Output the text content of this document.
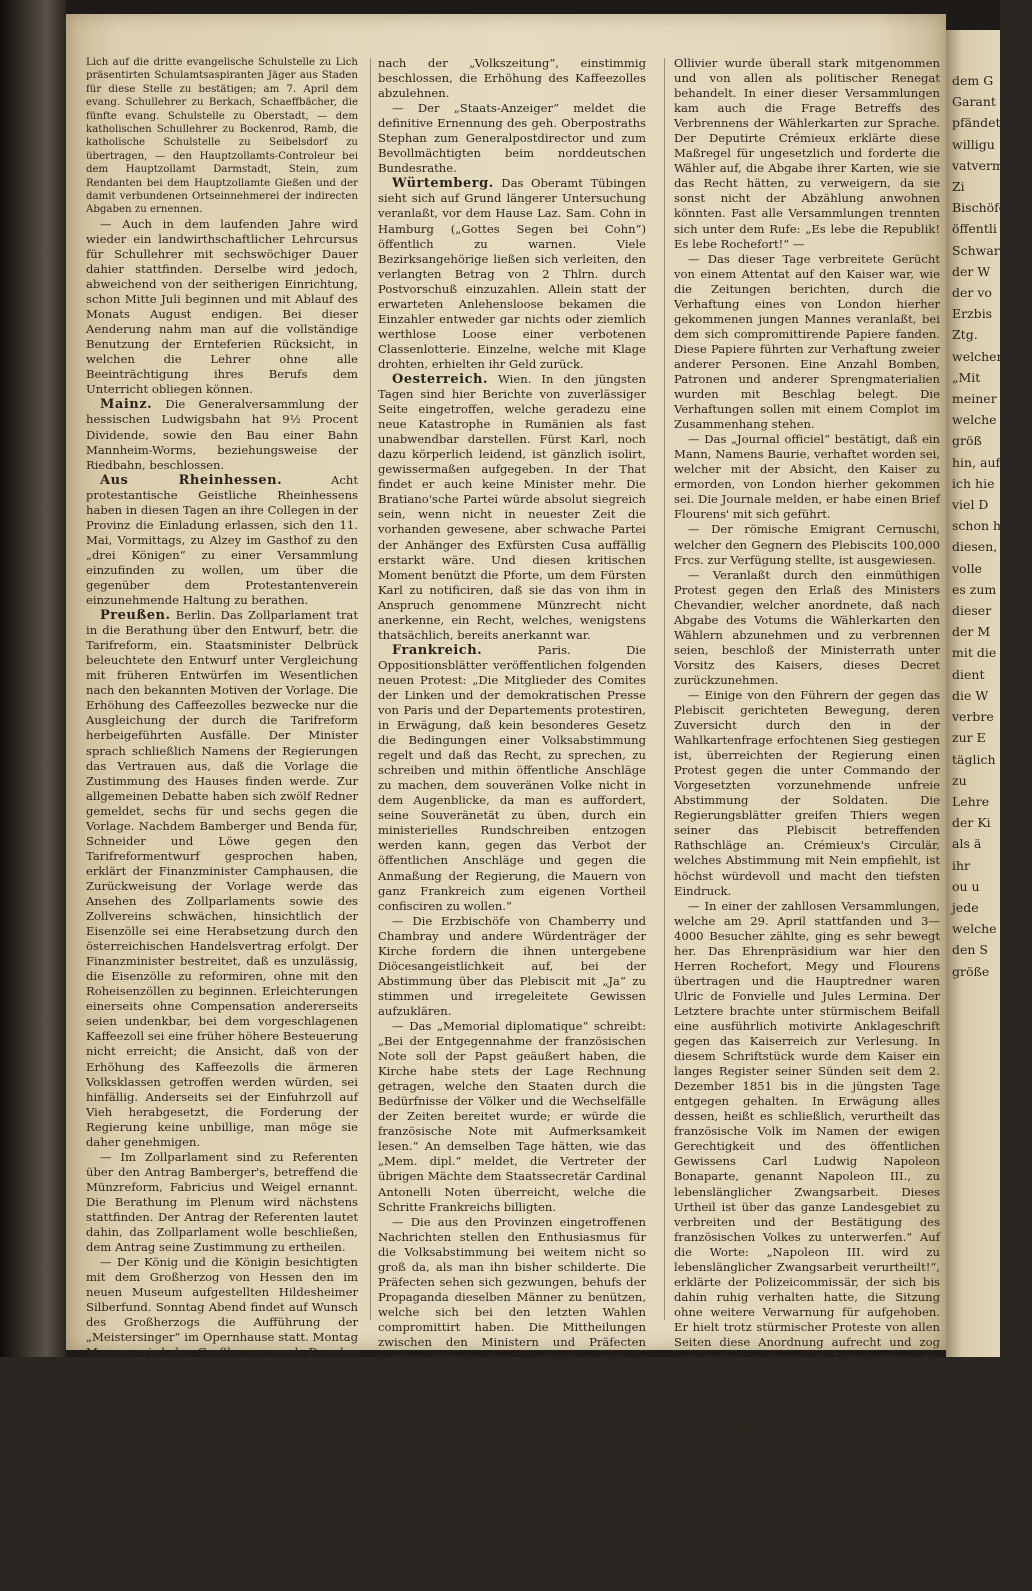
dem G
Garant
pfändet
willigu
vatverm
Zi
Bischöfe
öffentli
Schwar
der W
der vo
Erzbis
Ztg.
welcher
„Mit
meiner
welche
größ
hin, auf
ich hie
viel D
schon h
diesen,
volle
es zum
dieser
der M
mit die
dient
die W
verbre
zur E
täglich
zu
Lehre
der Ki
als ä
ihr
ou u
jede
welche
den S
größe

Lich auf die dritte evangelische Schulstelle zu Lich präsentirten Schulamtsaspiranten Jäger aus Staden für diese Stelle zu bestätigen; am 7. April dem evang. Schullehrer zu Berkach, Schaeffbächer, die fünfte evang. Schulstelle zu Oberstadt, — dem katholischen Schullehrer zu Bockenrod, Ramb, die katholische Schulstelle zu Seibelsdorf zu übertragen, — den Hauptzollamts-Controleur bei dem Hauptzollamt Darmstadt, Stein, zum Rendanten bei dem Hauptzollamte Gießen und der damit verbundenen Ortseinnehmerei der indirecten Abgaben zu ernennen.

— Auch in dem laufenden Jahre wird wieder ein landwirthschaftlicher Lehrcursus für Schullehrer mit sechswöchiger Dauer dahier stattfinden. Derselbe wird jedoch, abweichend von der seitherigen Einrichtung, schon Mitte Juli beginnen und mit Ablauf des Monats August endigen. Bei dieser Aenderung nahm man auf die vollständige Benutzung der Ernteferien Rücksicht, in welchen die Lehrer ohne alle Beeinträchtigung ihres Berufs dem Unterricht obliegen können.

Mainz. Die Generalversammlung der hessischen Ludwigsbahn hat 9½ Procent Dividende, sowie den Bau einer Bahn Mannheim-Worms, beziehungsweise der Riedbahn, beschlossen.

Aus Rheinhessen. Acht protestantische Geistliche Rheinhessens haben in diesen Tagen an ihre Collegen in der Provinz die Einladung erlassen, sich den 11. Mai, Vormittags, zu Alzey im Gasthof zu den „drei Königen“ zu einer Versammlung einzufinden zu wollen, um über die gegenüber dem Protestantenverein einzunehmende Haltung zu berathen.

Preußen. Berlin. Das Zollparlament trat in die Berathung über den Entwurf, betr. die Tarifreform, ein. Staatsminister Delbrück beleuchtete den Entwurf unter Vergleichung mit früheren Entwürfen im Wesentlichen nach den bekannten Motiven der Vorlage. Die Erhöhung des Caffeezolles bezwecke nur die Ausgleichung der durch die Tarifreform herbeigeführten Ausfälle. Der Minister sprach schließlich Namens der Regierungen das Vertrauen aus, daß die Vorlage die Zustimmung des Hauses finden werde. Zur allgemeinen Debatte haben sich zwölf Redner gemeldet, sechs für und sechs gegen die Vorlage. Nachdem Bamberger und Benda für, Schneider und Löwe gegen den Tarifreformentwurf gesprochen haben, erklärt der Finanzminister Camphausen, die Zurückweisung der Vorlage werde das Ansehen des Zollparlaments sowie des Zollvereins schwächen, hinsichtlich der Eisenzölle sei eine Herabsetzung durch den österreichischen Handelsvertrag erfolgt. Der Finanzminister bestreitet, daß es unzulässig, die Eisenzölle zu reformiren, ohne mit den Roheisenzöllen zu beginnen. Erleichterungen einerseits ohne Compensation andererseits seien undenkbar, bei dem vorgeschlagenen Kaffeezoll sei eine früher höhere Besteuerung nicht erreicht; die Ansicht, daß von der Erhöhung des Kaffeezolls die ärmeren Volksklassen getroffen werden würden, sei hinfällig. Anderseits sei der Einfuhrzoll auf Vieh herabgesetzt, die Forderung der Regierung keine unbillige, man möge sie daher genehmigen.

— Im Zollparlament sind zu Referenten über den Antrag Bamberger's, betreffend die Münzreform, Fabricius und Weigel ernannt. Die Berathung im Plenum wird nächstens stattfinden. Der Antrag der Referenten lautet dahin, das Zollparlament wolle beschließen, dem Antrag seine Zustimmung zu ertheilen.

— Der König und die Königin besichtigten mit dem Großherzog von Hessen den im neuen Museum aufgestellten Hildesheimer Silberfund. Sonntag Abend findet auf Wunsch des Großherzogs die Aufführung der „Meistersinger“ im Opernhause statt. Montag Morgen wird der Großherzog nach Dresden abreisen.

— In dem Zollparlament wurde die Generaldebatte über die Tarifvorlage fortgesetzt. Miquel erklärte sich mit einzelnen Vorbehalten für die Vorlage, Mohl und Wedemeyer dagegen. Der Bundescommissär Michaelis recapitulirte die Debatte und empfahl Annahme des Tarifs. Die Generaldebatte wurde hierauf geschlossen. In der Specialdebatte wurden die Positionen unter Nr. 1 angenommen.

— Die Fraction der Fortschrittspartei hat

nach der „Volkszeitung“, einstimmig beschlossen, die Erhöhung des Kaffeezolles abzulehnen.

— Der „Staats-Anzeiger“ meldet die definitive Ernennung des geh. Oberpostraths Stephan zum Generalpostdirector und zum Bevollmächtigten beim norddeutschen Bundesrathe.

Würtemberg. Das Oberamt Tübingen sieht sich auf Grund längerer Untersuchung veranlaßt, vor dem Hause Laz. Sam. Cohn in Hamburg („Gottes Segen bei Cohn“) öffentlich zu warnen. Viele Bezirksangehörige ließen sich verleiten, den verlangten Betrag von 2 Thlrn. durch Postvorschuß einzuzahlen. Allein statt der erwarteten Anlehensloose bekamen die Einzahler entweder gar nichts oder ziemlich werthlose Loose einer verbotenen Classenlotterie. Einzelne, welche mit Klage drohten, erhielten ihr Geld zurück.

Oesterreich. Wien. In den jüngsten Tagen sind hier Berichte von zuverlässiger Seite eingetroffen, welche geradezu eine neue Katastrophe in Rumänien als fast unabwendbar darstellen. Fürst Karl, noch dazu körperlich leidend, ist gänzlich isolirt, gewissermaßen aufgegeben. In der That findet er auch keine Minister mehr. Die Bratiano'sche Partei würde absolut siegreich sein, wenn nicht in neuester Zeit die vorhanden gewesene, aber schwache Partei der Anhänger des Exfürsten Cusa auffällig erstarkt wäre. Und diesen kritischen Moment benützt die Pforte, um dem Fürsten Karl zu notificiren, daß sie das von ihm in Anspruch genommene Münzrecht nicht anerkenne, ein Recht, welches, wenigstens thatsächlich, bereits anerkannt war.

Frankreich. Paris. Die Oppositionsblätter veröffentlichen folgenden neuen Protest: „Die Mitglieder des Comites der Linken und der demokratischen Presse von Paris und der Departements protestiren, in Erwägung, daß kein besonderes Gesetz die Bedingungen einer Volksabstimmung regelt und daß das Recht, zu sprechen, zu schreiben und mithin öffentliche Anschläge zu machen, dem souveränen Volke nicht in dem Augenblicke, da man es auffordert, seine Souveränetät zu üben, durch ein ministerielles Rundschreiben entzogen werden kann, gegen das Verbot der öffentlichen Anschläge und gegen die Anmaßung der Regierung, die Mauern von ganz Frankreich zum eigenen Vortheil confisciren zu wollen.“

— Die Erzbischöfe von Chamberry und Chambray und andere Würdenträger der Kirche fordern die ihnen untergebene Diöcesangeistlichkeit auf, bei der Abstimmung über das Plebiscit mit „Ja“ zu stimmen und irregeleitete Gewissen aufzuklären.

— Das „Memorial diplomatique“ schreibt: „Bei der Entgegennahme der französischen Note soll der Papst geäußert haben, die Kirche habe stets der Lage Rechnung getragen, welche den Staaten durch die Bedürfnisse der Völker und die Wechselfälle der Zeiten bereitet wurde; er würde die französische Note mit Aufmerksamkeit lesen.“ An demselben Tage hätten, wie das „Mem. dipl.“ meldet, die Vertreter der übrigen Mächte dem Staatssecretär Cardinal Antonelli Noten überreicht, welche die Schritte Frankreichs billigten.

— Die aus den Provinzen eingetroffenen Nachrichten stellen den Enthusiasmus für die Volksabstimmung bei weitem nicht so groß da, als man ihn bisher schilderte. Die Präfecten sehen sich gezwungen, behufs der Propaganda dieselben Männer zu benützen, welche sich bei den letzten Wahlen compromittirt haben. Die Mittheilungen zwischen den Ministern und Präfecten nehmen übrigens den Telegraph so stark in Anspruch, daß das Privatpublikum anfängt, sich zu beklagen. In den Städten regt sich die Opposition immer stärker.

— Ledru-Rollin hat, wie die Liberté meldet, Paris verlassen und sich nach London zurückbegeben.

— Am 26. d. fanden zehn öffentliche Versammlungen statt, in welchen das Pleb.scit besprochen wurde. Die Debatten waren im Ganzen wenig stürmisch. Obgleich in allen der socialdemokratischen Republik das Wort geredet wurde, intervenirten die Polizei-Commissäre nicht. Emile

Ollivier wurde überall stark mitgenommen und von allen als politischer Renegat behandelt. In einer dieser Versammlungen kam auch die Frage Betreffs des Verbrennens der Wählerkarten zur Sprache. Der Deputirte Crémieux erklärte diese Maßregel für ungesetzlich und forderte die Wähler auf, die Abgabe ihrer Karten, wie sie das Recht hätten, zu verweigern, da sie sonst nicht der Abzählung anwohnen könnten. Fast alle Versammlungen trennten sich unter dem Rufe: „Es lebe die Republik! Es lebe Rochefort!“ —

— Das dieser Tage verbreitete Gerücht von einem Attentat auf den Kaiser war, wie die Zeitungen berichten, durch die Verhaftung eines von London hierher gekommenen jungen Mannes veranlaßt, bei dem sich compromittirende Papiere fanden. Diese Papiere führten zur Verhaftung zweier anderer Personen. Eine Anzahl Bomben, Patronen und anderer Sprengmaterialien wurden mit Beschlag belegt. Die Verhaftungen sollen mit einem Complot im Zusammenhang stehen.

— Das „Journal officiel“ bestätigt, daß ein Mann, Namens Baurie, verhaftet worden sei, welcher mit der Absicht, den Kaiser zu ermorden, von London hierher gekommen sei. Die Journale melden, er habe einen Brief Flourens' mit sich geführt.

— Der römische Emigrant Cernuschi, welcher den Gegnern des Plebiscits 100,000 Frcs. zur Verfügung stellte, ist ausgewiesen.

— Veranlaßt durch den einmüthigen Protest gegen den Erlaß des Ministers Chevandier, welcher anordnete, daß nach Abgabe des Votums die Wählerkarten den Wählern abzunehmen und zu verbrennen seien, beschloß der Ministerrath unter Vorsitz des Kaisers, dieses Decret zurückzunehmen.

— Einige von den Führern der gegen das Plebiscit gerichteten Bewegung, deren Zuversicht durch den in der Wahlkartenfrage erfochtenen Sieg gestiegen ist, überreichten der Regierung einen Protest gegen die unter Commando der Vorgesetzten vorzunehmende unfreie Abstimmung der Soldaten. Die Regierungsblätter greifen Thiers wegen seiner das Plebiscit betreffenden Rathschläge an. Crémieux's Circulär, welches Abstimmung mit Nein empfiehlt, ist höchst würdevoll und macht den tiefsten Eindruck.

— In einer der zahllosen Versammlungen, welche am 29. April stattfanden und 3—4000 Besucher zählte, ging es sehr bewegt her. Das Ehrenpräsidium war hier den Herren Rochefort, Megy und Flourens übertragen und die Hauptredner waren Ulric de Fonvielle und Jules Lermina. Der Letztere brachte unter stürmischem Beifall eine ausführlich motivirte Anklageschrift gegen das Kaiserreich zur Verlesung. In diesem Schriftstück wurde dem Kaiser ein langes Register seiner Sünden seit dem 2. Dezember 1851 bis in die jüngsten Tage entgegen gehalten. In Erwägung alles dessen, heißt es schließlich, verurtheilt das französische Volk im Namen der ewigen Gerechtigkeit und des öffentlichen Gewissens Carl Ludwig Napoleon Bonaparte, genannt Napoleon III., zu lebenslänglicher Zwangsarbeit. Dieses Urtheil ist über das ganze Landesgebiet zu verbreiten und der Bestätigung des französischen Volkes zu unterwerfen.“ Auf die Worte: „Napoleon III. wird zu lebenslänglicher Zwangsarbeit verurtheilt!“, erklärte der Polizeicommissär, der sich bis dahin ruhig verhalten hatte, die Sitzung ohne weitere Verwarnung für aufgehoben. Er hielt trotz stürmischer Proteste von allen Seiten diese Anordnung aufrecht und zog sich zurück, während die Versammlung die Marseillaise und den Chor der Girondisten anstimmte. Die Versammlung ging endlich auseinander. Auf der Straße kamen noch mehrere Verhaftungen vor.

Großbritannien. Am Horizonte der orientalischen Frage dämmert wieder ein schwarzes Pünktchen auf. Londoner Blätter wissen von einem offiziellen Proteste zu melden, den die Pforte bei Lord Clarendon durch ihren dortigen Botschafter gegen das ägyptische Anlehen erhoben habe. Der Protest bestreitet dem Khedive das Recht der freien Disposition über seine Privatchatoulle. Das Vermögen des Vicekönigs sei
